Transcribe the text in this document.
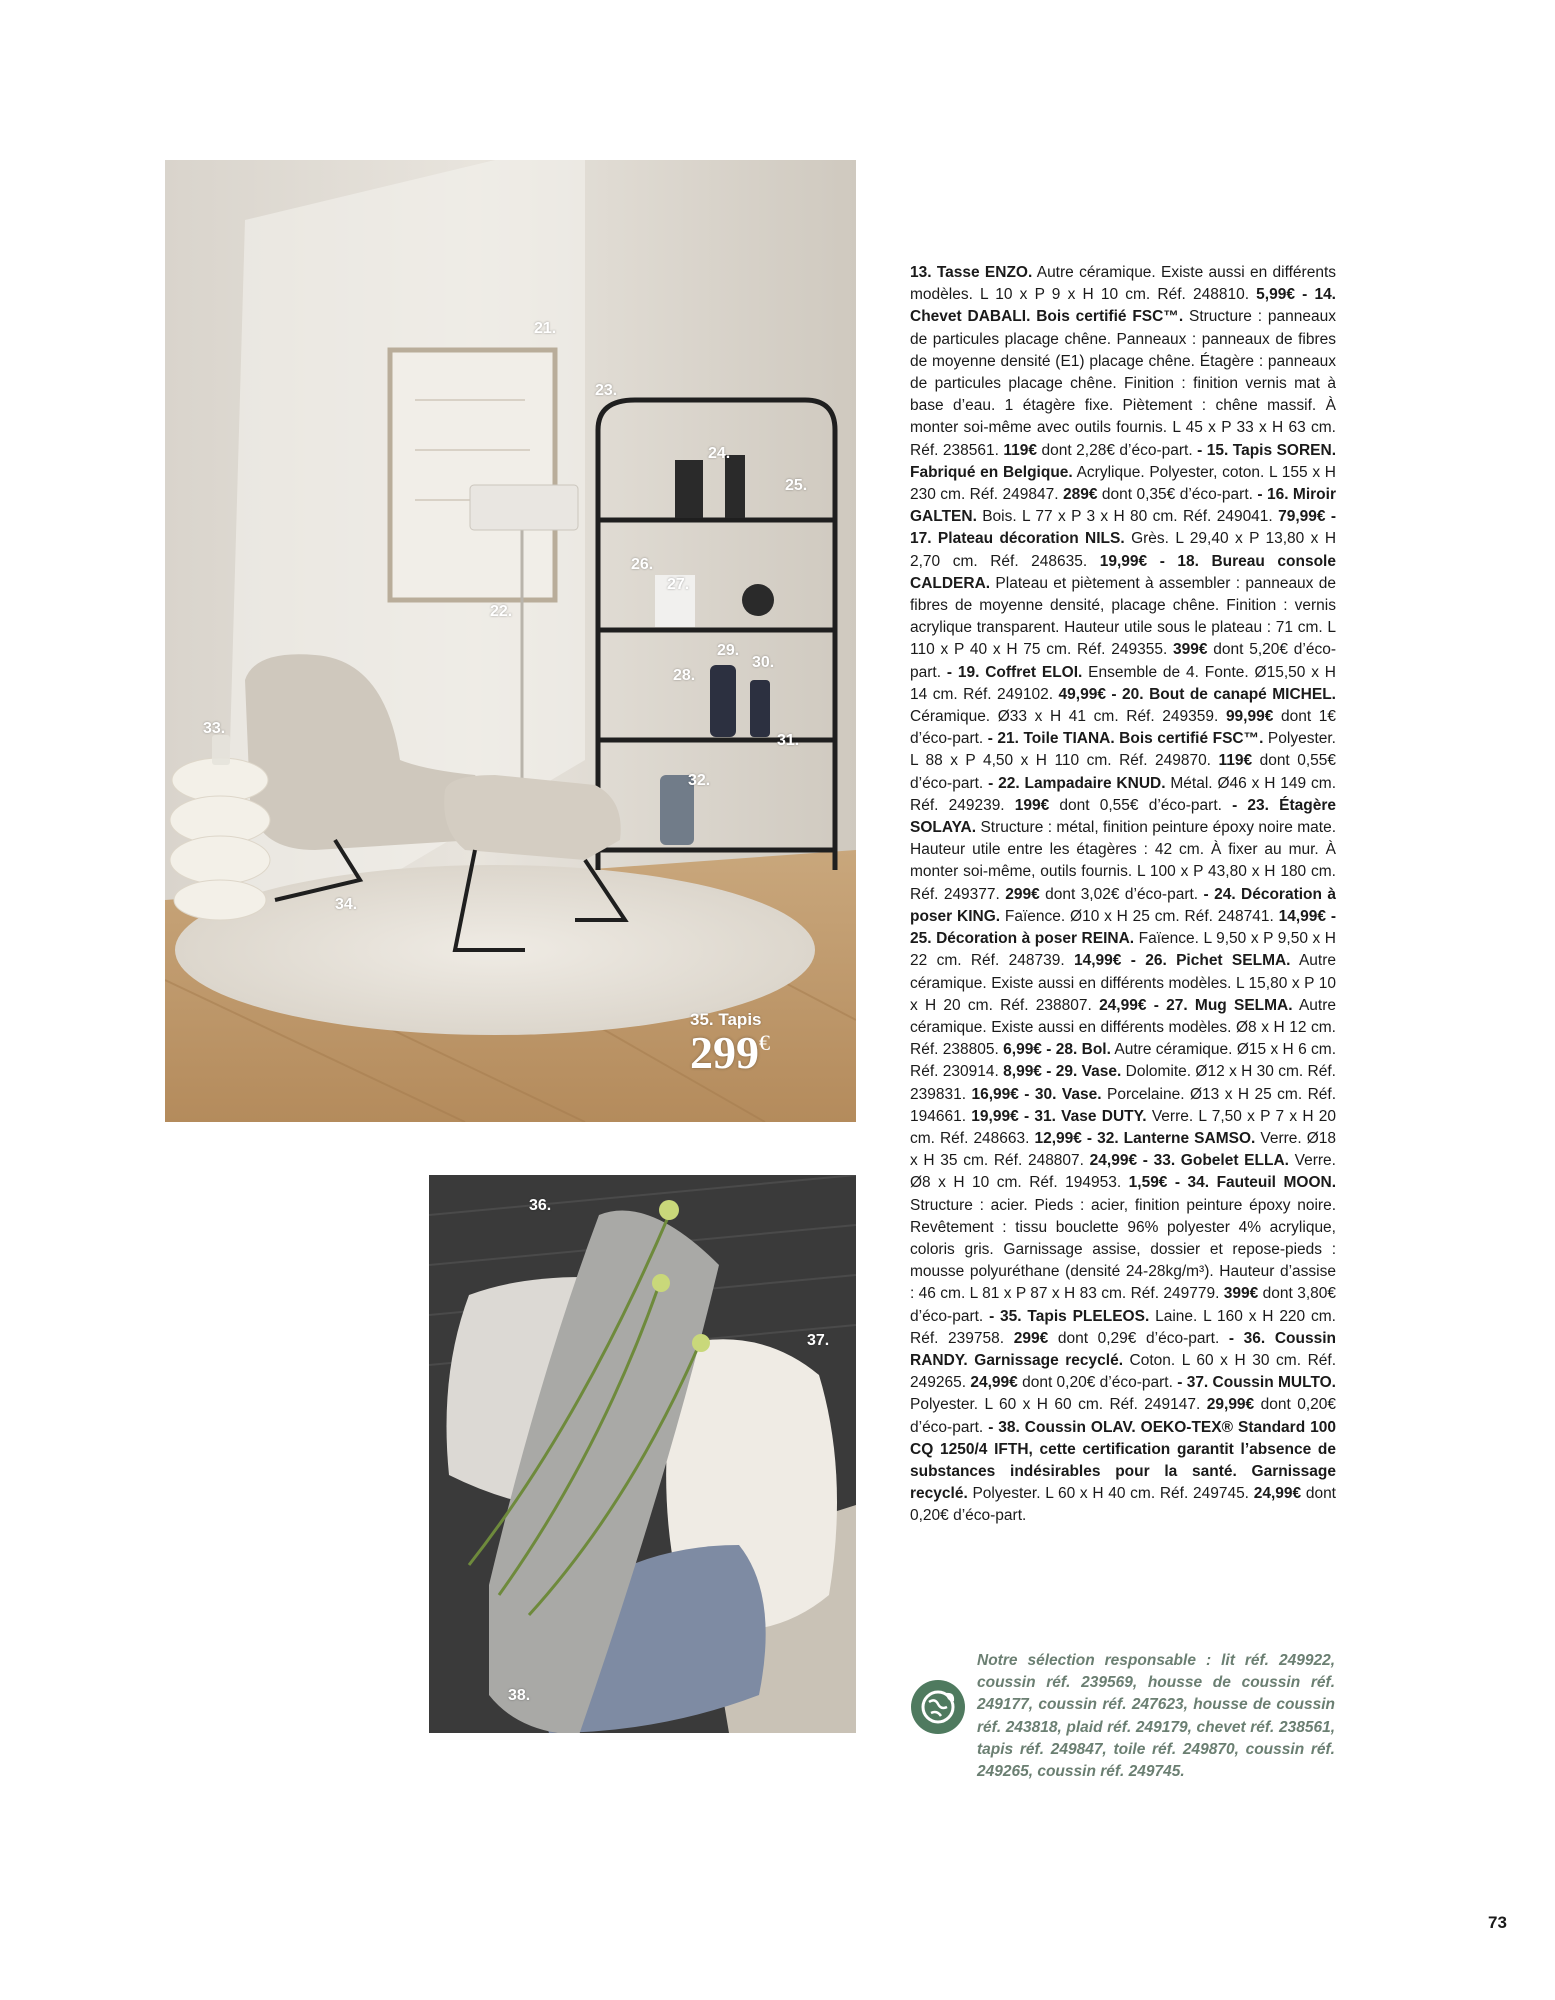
21.
22.
23.
24.
25.
26.
27.
28.
29.
30.
31.
32.
33.
34.
35. Tapis
299€
36.
37.
38.
13. Tasse ENZO. Autre céramique. Existe aussi en différents modèles. L 10 x P 9 x H 10 cm. Réf. 248810. 5,99€ - 14. Chevet DABALI. Bois certifié FSC™. Structure : panneaux de particules placage chêne. Panneaux : panneaux de fibres de moyenne densité (E1) placage chêne. Étagère : panneaux de particules placage chêne. Finition : finition vernis mat à base d’eau. 1 étagère fixe. Piètement : chêne massif. À monter soi-même avec outils fournis. L 45 x P 33 x H 63 cm. Réf. 238561. 119€ dont 2,28€ d’éco-part. - 15. Tapis SOREN. Fabriqué en Belgique. Acrylique. Polyester, coton. L 155 x H 230 cm. Réf. 249847. 289€ dont 0,35€ d’éco-part. - 16. Miroir GALTEN. Bois. L 77 x P 3 x H 80 cm. Réf. 249041. 79,99€ - 17. Plateau décoration NILS. Grès. L 29,40 x P 13,80 x H 2,70 cm. Réf. 248635. 19,99€ - 18. Bureau console CALDERA. Plateau et piètement à assembler : panneaux de fibres de moyenne densité, placage chêne. Finition : vernis acrylique transparent. Hauteur utile sous le plateau : 71 cm. L 110 x P 40 x H 75 cm. Réf. 249355. 399€ dont 5,20€ d’éco-part. - 19. Coffret ELOI. Ensemble de 4. Fonte. Ø15,50 x H 14 cm. Réf. 249102. 49,99€ - 20. Bout de canapé MICHEL. Céramique. Ø33 x H 41 cm. Réf. 249359. 99,99€ dont 1€ d’éco-part. - 21. Toile TIANA. Bois certifié FSC™. Polyester. L 88 x P 4,50 x H 110 cm. Réf. 249870. 119€ dont 0,55€ d’éco-part. - 22. Lampadaire KNUD. Métal. Ø46 x H 149 cm. Réf. 249239. 199€ dont 0,55€ d’éco-part. - 23. Étagère SOLAYA. Structure : métal, finition peinture époxy noire mate. Hauteur utile entre les étagères : 42 cm. À fixer au mur. À monter soi-même, outils fournis. L 100 x P 43,80 x H 180 cm. Réf. 249377. 299€ dont 3,02€ d’éco-part. - 24. Décoration à poser KING. Faïence. Ø10 x H 25 cm. Réf. 248741. 14,99€ - 25. Décoration à poser REINA. Faïence. L 9,50 x P 9,50 x H 22 cm. Réf. 248739. 14,99€ - 26. Pichet SELMA. Autre céramique. Existe aussi en différents modèles. L 15,80 x P 10 x H 20 cm. Réf. 238807. 24,99€ - 27. Mug SELMA. Autre céramique. Existe aussi en différents modèles. Ø8 x H 12 cm. Réf. 238805. 6,99€ - 28. Bol. Autre céramique. Ø15 x H 6 cm. Réf. 230914. 8,99€ - 29. Vase. Dolomite. Ø12 x H 30 cm. Réf. 239831. 16,99€ - 30. Vase. Porcelaine. Ø13 x H 25 cm. Réf. 194661. 19,99€ - 31. Vase DUTY. Verre. L 7,50 x P 7 x H 20 cm. Réf. 248663. 12,99€ - 32. Lanterne SAMSO. Verre. Ø18 x H 35 cm. Réf. 248807. 24,99€ - 33. Gobelet ELLA. Verre. Ø8 x H 10 cm. Réf. 194953. 1,59€ - 34. Fauteuil MOON. Structure : acier. Pieds : acier, finition peinture époxy noire. Revêtement : tissu bouclette 96% polyester 4% acrylique, coloris gris. Garnissage assise, dossier et repose-pieds : mousse polyuréthane (densité 24-28kg/m³). Hauteur d’assise : 46 cm. L 81 x P 87 x H 83 cm. Réf. 249779. 399€ dont 3,80€ d’éco-part. - 35. Tapis PLELEOS. Laine. L 160 x H 220 cm. Réf. 239758. 299€ dont 0,29€ d’éco-part. - 36. Coussin RANDY. Garnissage recyclé. Coton. L 60 x H 30 cm. Réf. 249265. 24,99€ dont 0,20€ d’éco-part. - 37. Coussin MULTO. Polyester. L 60 x H 60 cm. Réf. 249147. 29,99€ dont 0,20€ d’éco-part. - 38. Coussin OLAV. OEKO-TEX® Standard 100 CQ 1250/4 IFTH, cette certification garantit l’absence de substances indésirables pour la santé. Garnissage recyclé. Polyester. L 60 x H 40 cm. Réf. 249745. 24,99€ dont 0,20€ d’éco-part.
Notre sélection responsable : lit réf. 249922, coussin réf. 239569, housse de coussin réf. 249177, coussin réf. 247623, housse de coussin réf. 243818, plaid réf. 249179, chevet réf. 238561, tapis réf. 249847, toile réf. 249870, coussin réf. 249265, coussin réf. 249745.
73
